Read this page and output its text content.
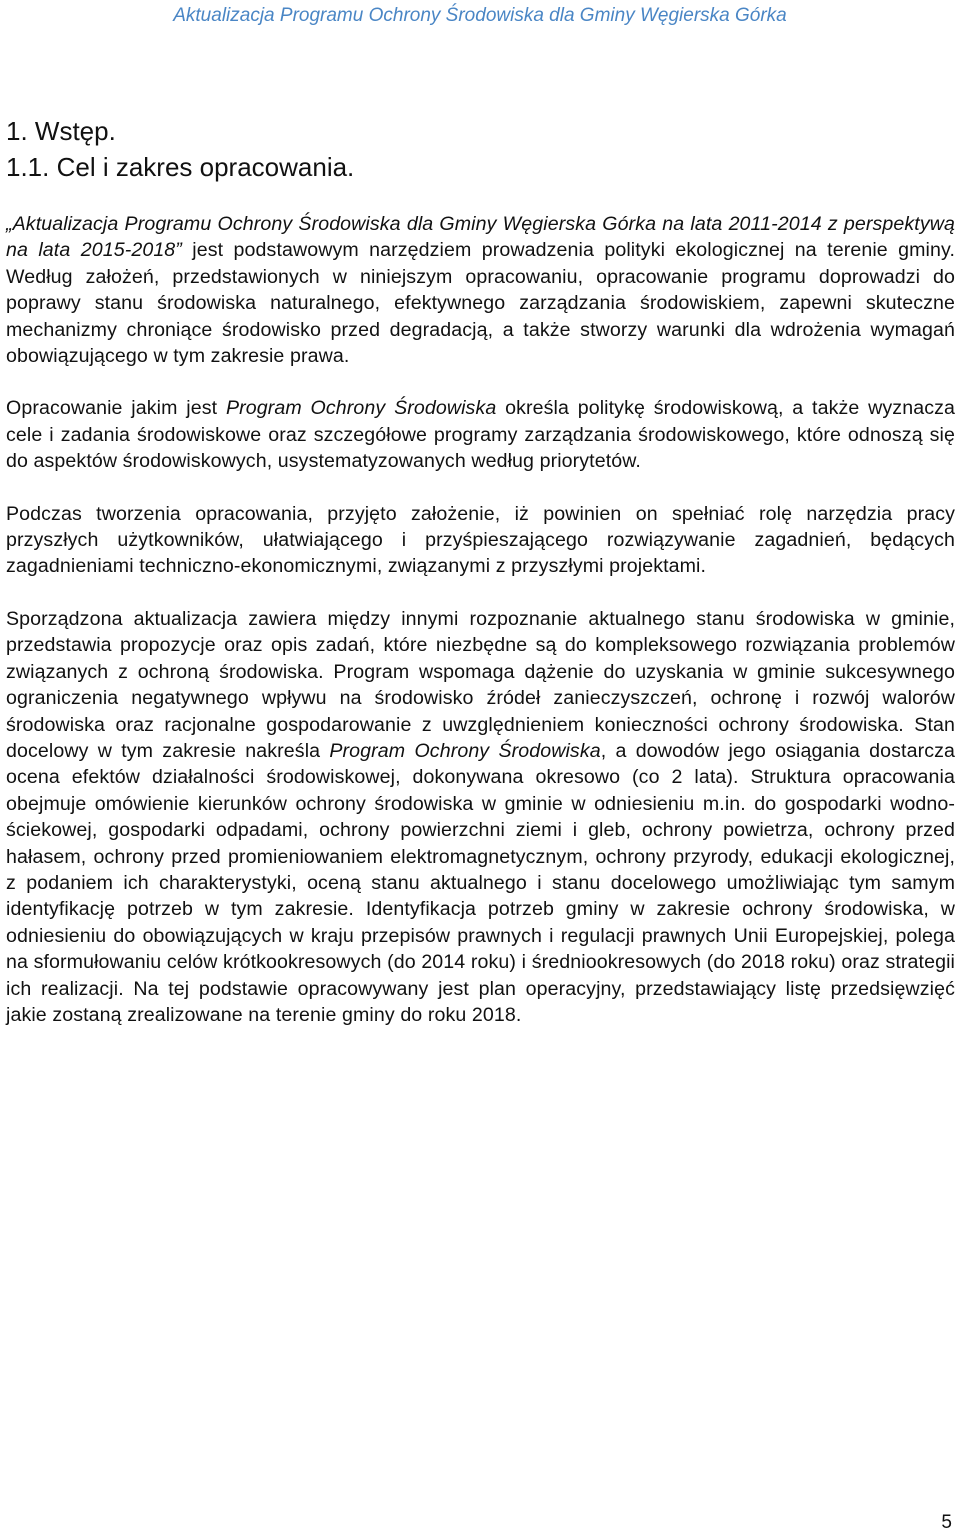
Aktualizacja Programu Ochrony Środowiska dla Gminy Węgierska Górka
1. Wstęp.
1.1. Cel i zakres opracowania.

„Aktualizacja Programu Ochrony Środowiska dla Gminy Węgierska Górka na lata 2011-2014 z perspektywą na lata 2015-2018” jest podstawowym narzędziem prowadzenia polityki ekologicznej na terenie gminy. Według założeń, przedstawionych w niniejszym opracowaniu, opracowanie programu doprowadzi do poprawy stanu środowiska naturalnego, efektywnego zarządzania środowiskiem, zapewni skuteczne mechanizmy chroniące środowisko przed degradacją, a także stworzy warunki dla wdrożenia wymagań obowiązującego w tym zakresie prawa.

Opracowanie jakim jest Program Ochrony Środowiska określa politykę środowiskową, a także wyznacza cele i zadania środowiskowe oraz szczegółowe programy zarządzania środowiskowego, które odnoszą się do aspektów środowiskowych, usystematyzowanych według priorytetów.

Podczas tworzenia opracowania, przyjęto założenie, iż powinien on spełniać rolę narzędzia pracy przyszłych użytkowników, ułatwiającego i przyśpieszającego rozwiązywanie zagadnień, będących zagadnieniami techniczno-ekonomicznymi, związanymi z przyszłymi projektami.

Sporządzona aktualizacja zawiera między innymi rozpoznanie aktualnego stanu środowiska w gminie, przedstawia propozycje oraz opis zadań, które niezbędne są do kompleksowego rozwiązania problemów związanych z ochroną środowiska. Program wspomaga dążenie do uzyskania w gminie sukcesywnego ograniczenia negatywnego wpływu na środowisko źródeł zanieczyszczeń, ochronę i rozwój walorów środowiska oraz racjonalne gospodarowanie z uwzględnieniem konieczności ochrony środowiska. Stan docelowy w tym zakresie nakreśla Program Ochrony Środowiska, a dowodów jego osiągania dostarcza ocena efektów działalności środowiskowej, dokonywana okresowo (co 2 lata). Struktura opracowania obejmuje omówienie kierunków ochrony środowiska w gminie w odniesieniu m.in. do gospodarki wodno-ściekowej, gospodarki odpadami, ochrony powierzchni ziemi i gleb, ochrony powietrza, ochrony przed hałasem, ochrony przed promieniowaniem elektromagnetycznym, ochrony przyrody, edukacji ekologicznej, z podaniem ich charakterystyki, oceną stanu aktualnego i stanu docelowego umożliwiając tym samym identyfikację potrzeb w tym zakresie. Identyfikacja potrzeb gminy w zakresie ochrony środowiska, w odniesieniu do obowiązujących w kraju przepisów prawnych i regulacji prawnych Unii Europejskiej, polega na sformułowaniu celów krótkookresowych (do 2014 roku) i średniookresowych (do 2018 roku) oraz strategii ich realizacji. Na tej podstawie opracowywany jest plan operacyjny, przedstawiający listę przedsięwzięć jakie zostaną zrealizowane na terenie gminy do roku 2018.

5
